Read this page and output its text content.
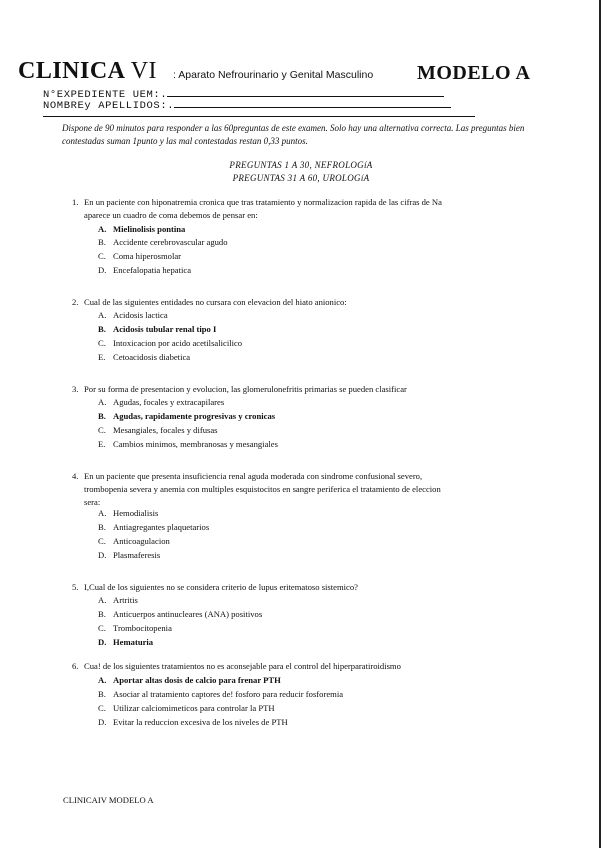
CLINICA VI : Aparato Nefrourinario y Genital Masculino MODELO A
N°EXPEDIENTE UEM:.
NOMBREy APELLIDOS:.
Dispone de 90 minutos para responder a las 60preguntas de este examen. Solo hay una alternativa correcta. Las preguntas bien contestadas suman 1punto y las mal contestadas restan 0,33 puntos.
PREGUNTAS 1 A 30, NEFROLOGíA
PREGUNTAS 31 A 60, UROLOGíA
1. En un paciente con hiponatremia cronica que tras tratamiento y normalizacion rapida de las cifras de Na aparece un cuadro de coma debemos de pensar en:
A. Mielinolisis pontina
B. Accidente cerebrovascular agudo
C. Coma hiperosmolar
D. Encefalopatia hepatica
2. Cual de las siguientes entidades no cursara con elevacion del hiato anionico:
A. Acidosis lactica
B. Acidosis tubular renal tipo I
C. Intoxicacion por acido acetilsalicilico
E. Cetoacidosis diabetica
3. Por su forma de presentacion y evolucion, las glomerulonefritis primarias se pueden clasificar
A. Agudas, focales y extracapilares
B. Agudas, rapidamente progresivas y cronicas
C. Mesangiales, focales y difusas
E. Cambios minimos, membranosas y mesangiales
4. En un paciente que presenta insuficiencia renal aguda moderada con sindrome confusional severo, trombopenia severa y anemia con multiples esquistocitos en sangre periferica el tratamiento de eleccion sera:
A. Hemodialisis
B. Antiagregantes plaquetarios
C. Anticoagulacion
D. Plasmaferesis
5. I,Cual de los siguientes no se considera criterio de lupus eritematoso sistemico?
A. Artritis
B. Anticuerpos antinucleares (ANA) positivos
C. Trombocitopenia
D. Hematuria
6. Cua! de los siguientes tratamientos no es aconsejable para el control del hiperparatiroidismo
A. Aportar altas dosis de calcio para frenar PTH
B. Asociar al tratamiento captores de! fosforo para reducir fosforemia
C. Utilizar calciomimeticos para controlar la PTH
D. Evitar la reduccion excesiva de los niveles de PTH
CLINICAIV MODELO A
